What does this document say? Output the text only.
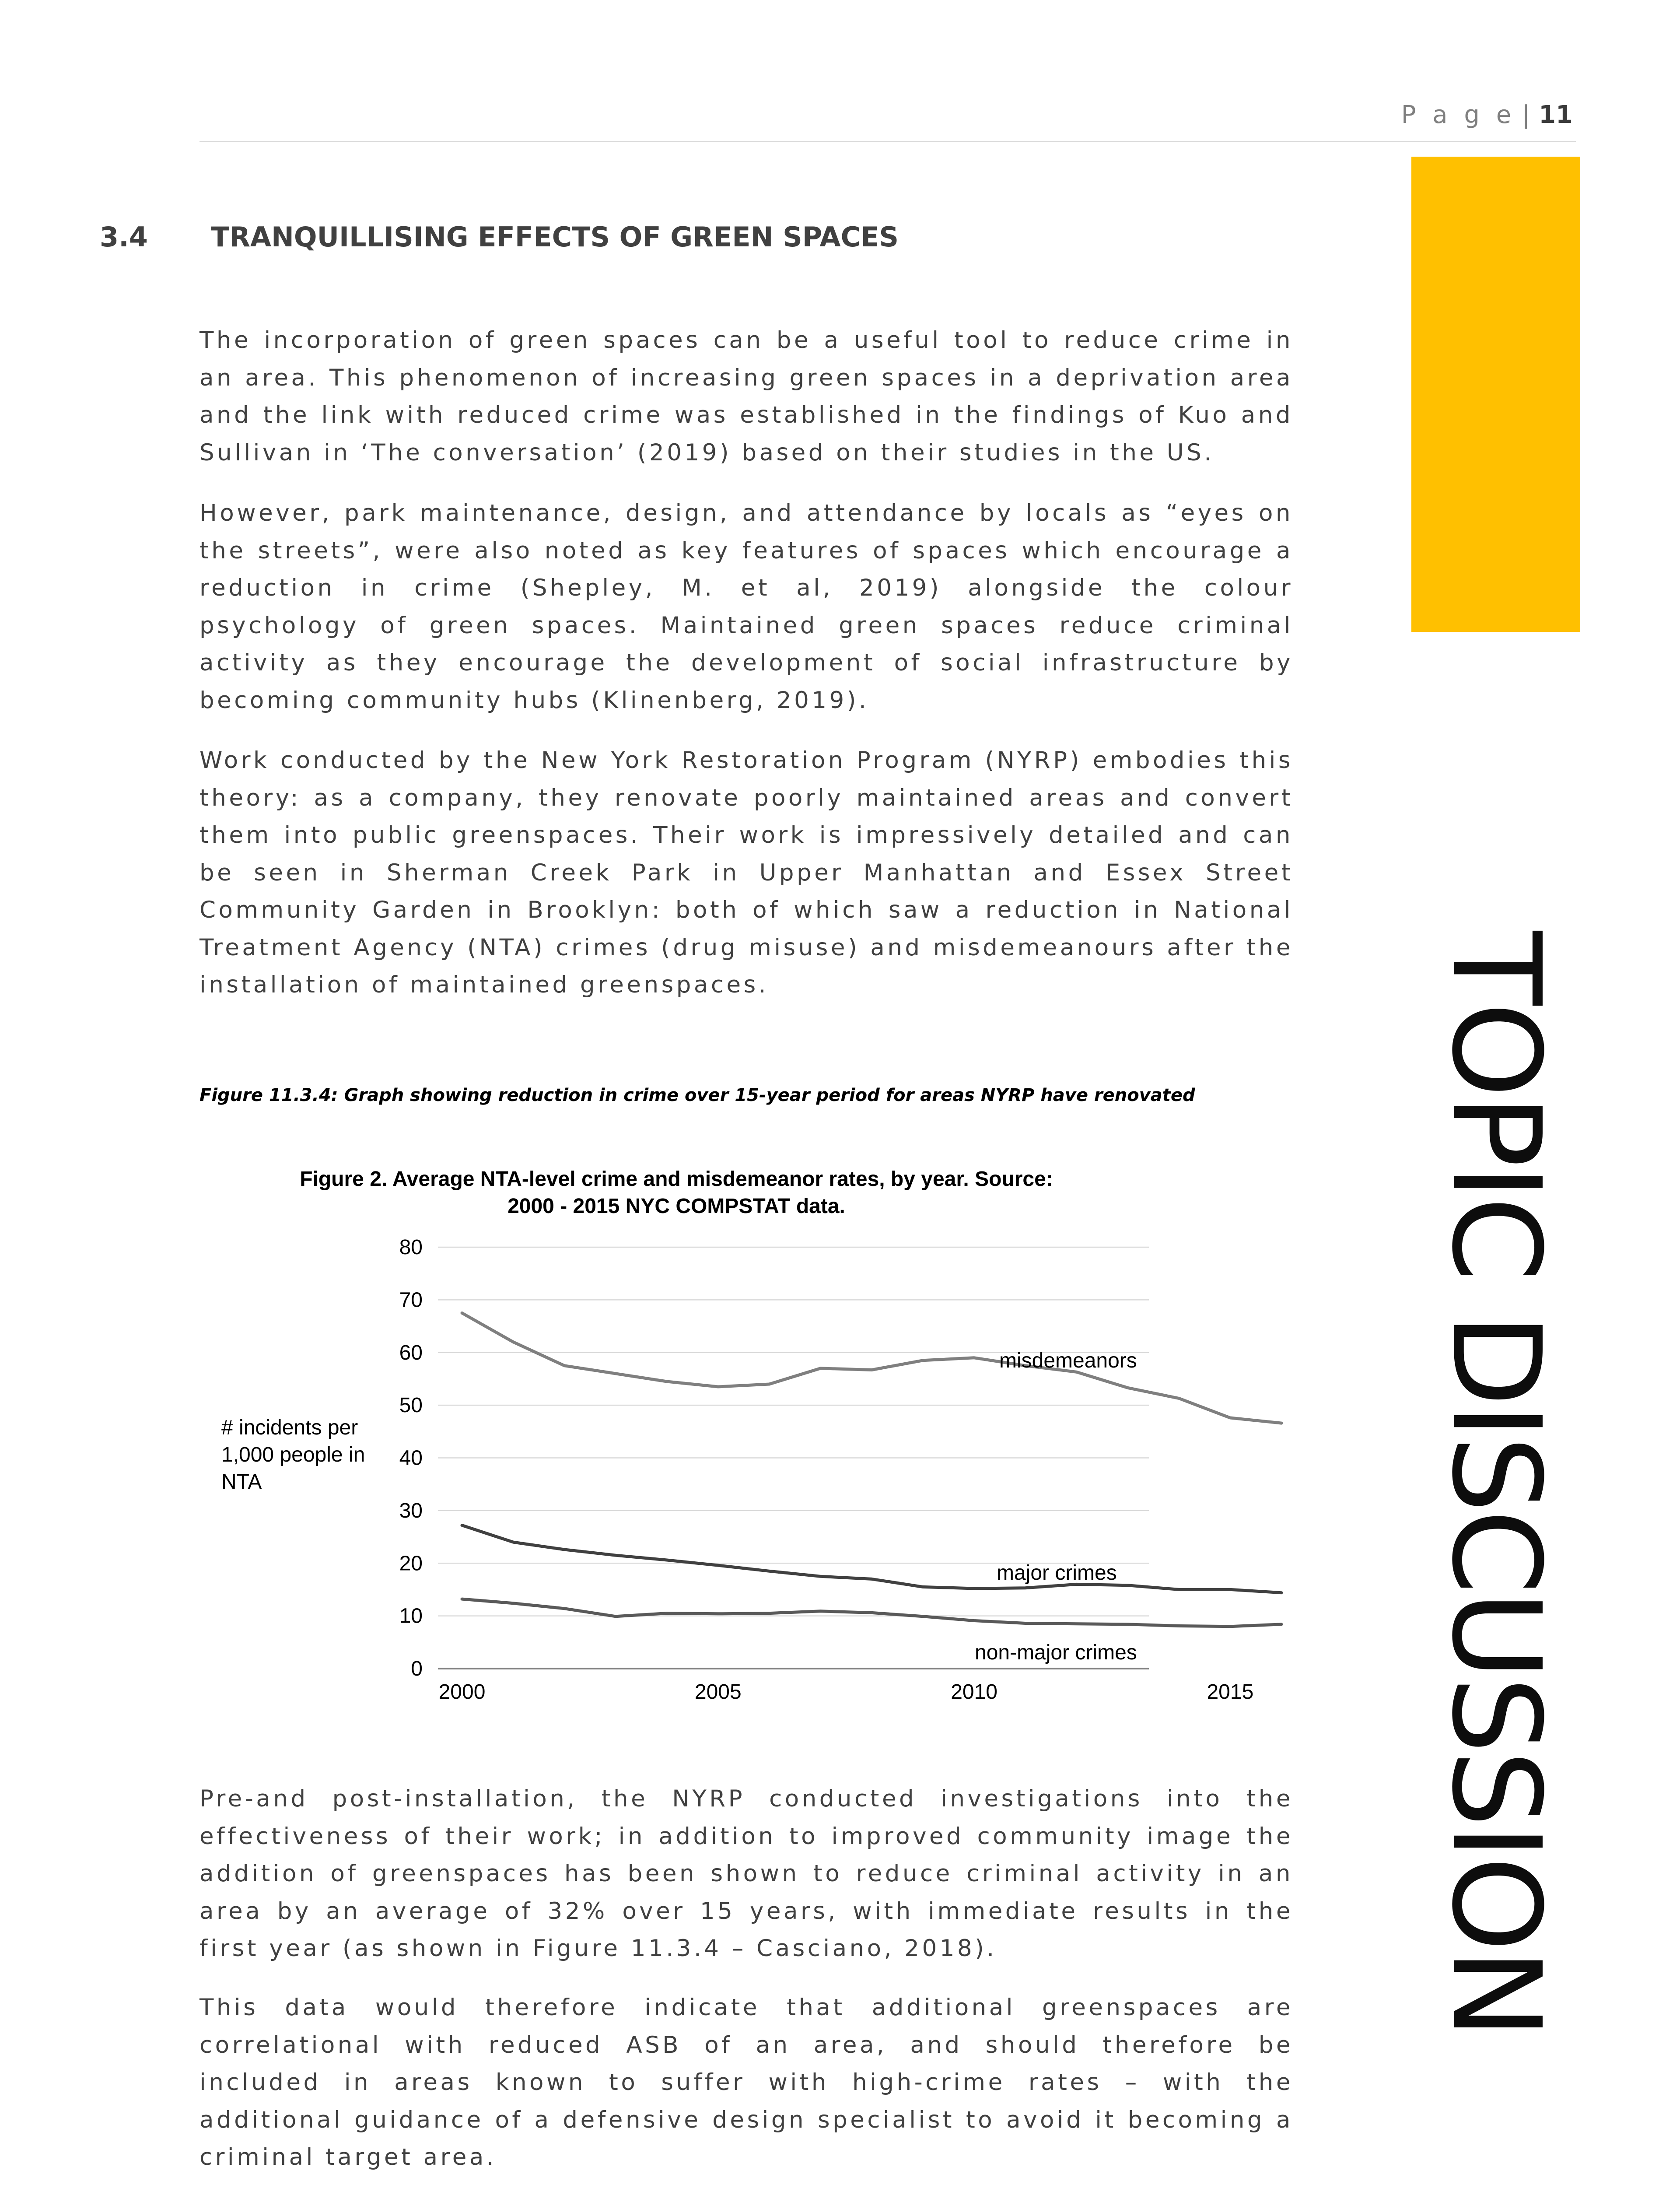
P a g e | 11
TOPIC DISCUSSION
3.4 TRANQUILLISING EFFECTS OF GREEN SPACES

The incorporation of green spaces can be a useful tool to reduce crime in an area. This phenomenon of increasing green spaces in a deprivation area and the link with reduced crime was established in the findings of Kuo and Sullivan in ‘The conversation’ (2019) based on their studies in the US.

However, park maintenance, design, and attendance by locals as “eyes on the streets”, were also noted as key features of spaces which encourage a reduction in crime (Shepley, M. et al, 2019) alongside the colour psychology of green spaces. Maintained green spaces reduce criminal activity as they encourage the development of social infrastructure by becoming community hubs (Klinenberg, 2019).

Work conducted by the New York Restoration Program (NYRP) embodies this theory: as a company, they renovate poorly maintained areas and convert them into public greenspaces. Their work is impressively detailed and can be seen in Sherman Creek Park in Upper Manhattan and Essex Street Community Garden in Brooklyn: both of which saw a reduction in National Treatment Agency (NTA) crimes (drug misuse) and misdemeanours after the installation of maintained greenspaces.

Figure 11.3.4: Graph showing reduction in crime over 15-year period for areas NYRP have renovated
Figure 2. Average NTA-level crime and misdemeanor rates, by year. Source:
2000 - 2015 NYC COMPSTAT data.
0
10
20
30
40
50
60
70
80
2000	2005	2010	2015
# incidents per
1,000 people in
NTA
misdemeanors
major crimes
non-major crimes

Pre-and post-installation, the NYRP conducted investigations into the effectiveness of their work; in addition to improved community image the addition of greenspaces has been shown to reduce criminal activity in an area by an average of 32% over 15 years, with immediate results in the first year (as shown in Figure 11.3.4 – Casciano, 2018).

This data would therefore indicate that additional greenspaces are correlational with reduced ASB of an area, and should therefore be included in areas known to suffer with high-crime rates – with the additional guidance of a defensive design specialist to avoid it becoming a criminal target area.
